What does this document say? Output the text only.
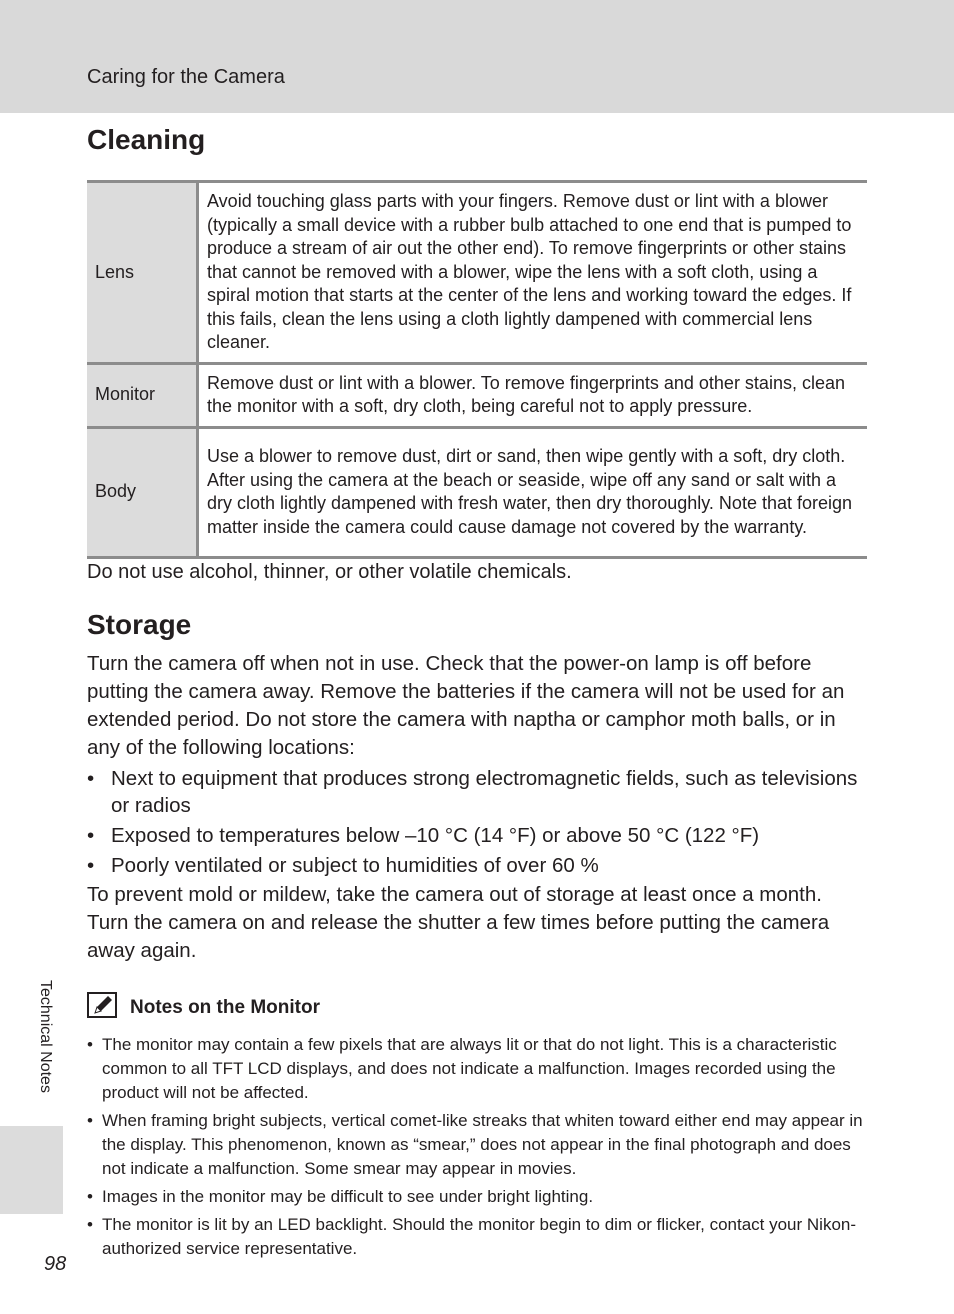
Caring for the Camera
Cleaning
Lens	Avoid touching glass parts with your fingers. Remove dust or lint with a blower (typically a small device with a rubber bulb attached to one end that is pumped to produce a stream of air out the other end). To remove fingerprints or other stains that cannot be removed with a blower, wipe the lens with a soft cloth, using a spiral motion that starts at the center of the lens and working toward the edges. If this fails, clean the lens using a cloth lightly dampened with commercial lens cleaner.
Monitor	Remove dust or lint with a blower. To remove fingerprints and other stains, clean the monitor with a soft, dry cloth, being careful not to apply pressure.
Body	Use a blower to remove dust, dirt or sand, then wipe gently with a soft, dry cloth. After using the camera at the beach or seaside, wipe off any sand or salt with a dry cloth lightly dampened with fresh water, then dry thoroughly. Note that foreign matter inside the camera could cause damage not covered by the warranty.

Do not use alcohol, thinner, or other volatile chemicals.

Storage

Turn the camera off when not in use. Check that the power-on lamp is off before putting the camera away. Remove the batteries if the camera will not be used for an extended period. Do not store the camera with naptha or camphor moth balls, or in any of the following locations:

• Next to equipment that produces strong electromagnetic fields, such as televisions or radios
• Exposed to temperatures below –10 °C (14 °F) or above 50 °C (122 °F)
• Poorly ventilated or subject to humidities of over 60 %

To prevent mold or mildew, take the camera out of storage at least once a month. Turn the camera on and release the shutter a few times before putting the camera away again.

Notes on the Monitor

• The monitor may contain a few pixels that are always lit or that do not light. This is a characteristic common to all TFT LCD displays, and does not indicate a malfunction. Images recorded using the product will not be affected.
• When framing bright subjects, vertical comet-like streaks that whiten toward either end may appear in the display. This phenomenon, known as “smear,” does not appear in the final photograph and does not indicate a malfunction. Some smear may appear in movies.
• Images in the monitor may be difficult to see under bright lighting.
• The monitor is lit by an LED backlight. Should the monitor begin to dim or flicker, contact your Nikon-authorized service representative.
Technical Notes
98
